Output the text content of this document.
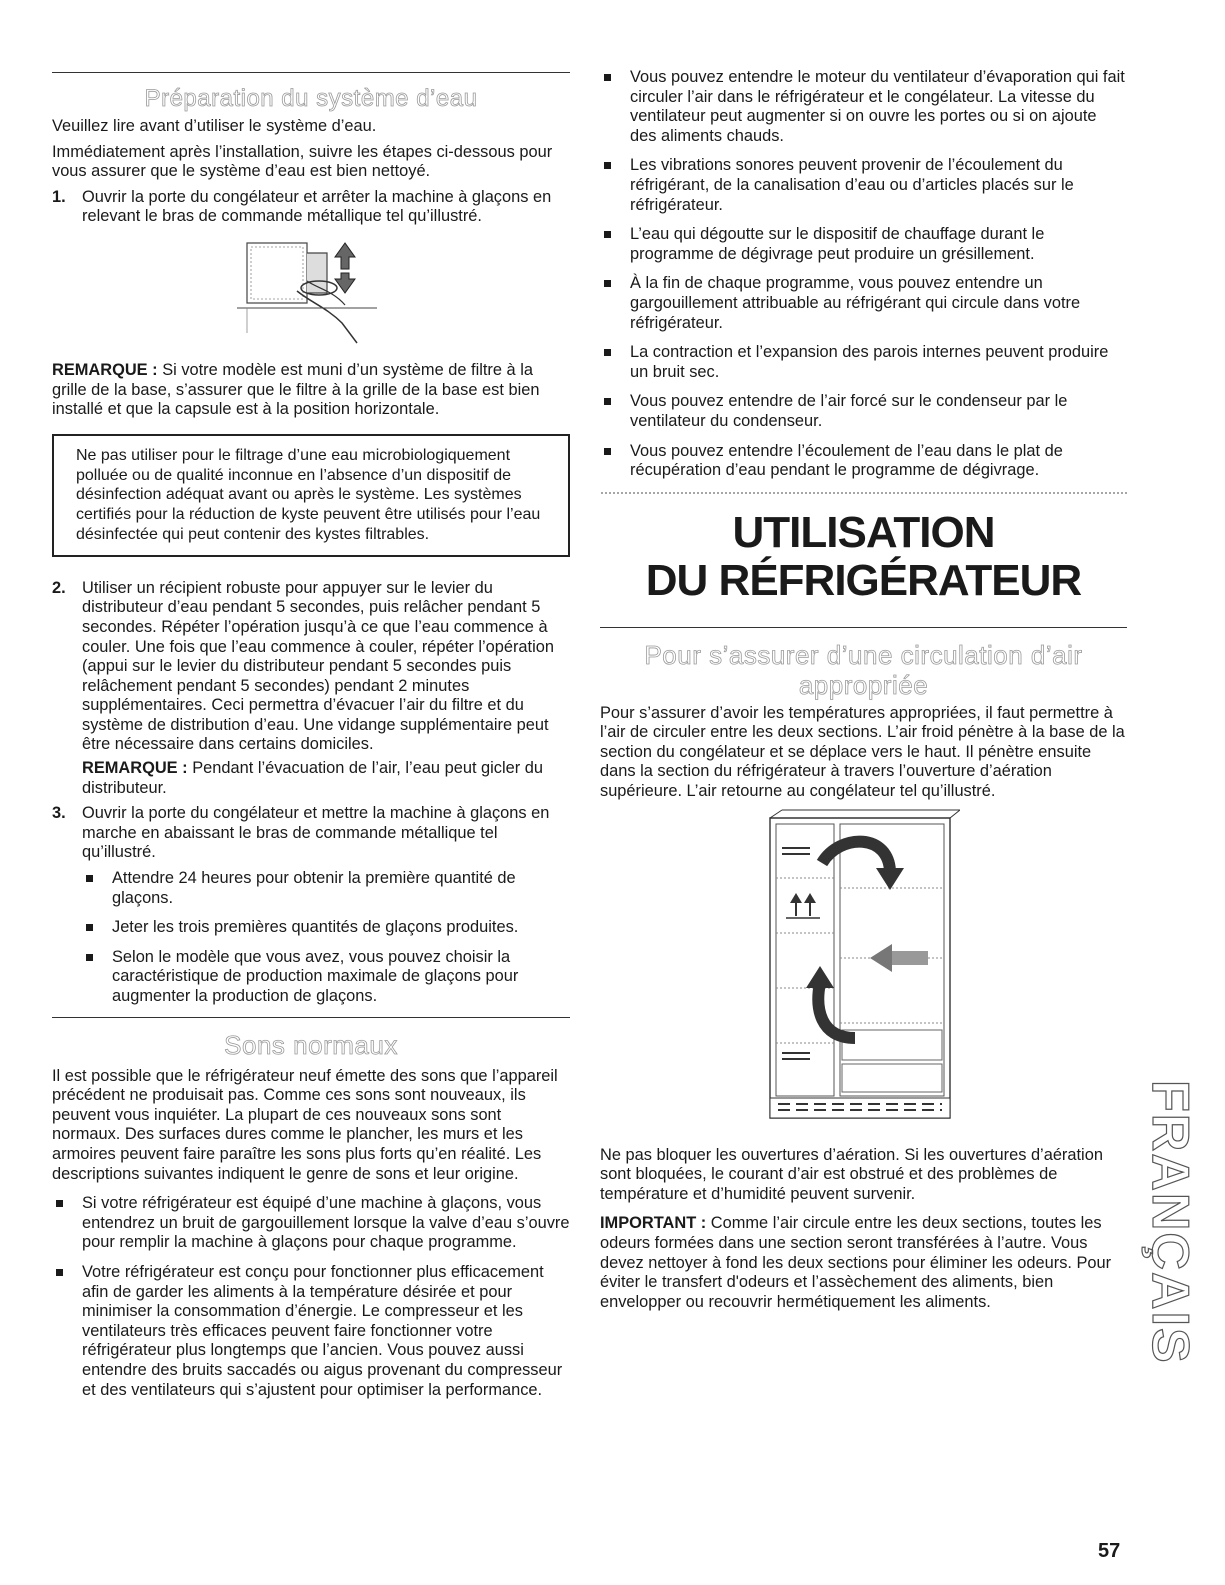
Préparation du système d’eau

Veuillez lire avant d’utiliser le système d’eau.

Immédiatement après l’installation, suivre les étapes ci-dessous pour vous assurer que le système d’eau est bien nettoyé.

1. Ouvrir la porte du congélateur et arrêter la machine à glaçons en relevant le bras de commande métallique tel qu’illustré.

REMARQUE : Si votre modèle est muni d’un système de filtre à la grille de la base, s’assurer que le filtre à la grille de la base est bien installé et que la capsule est à la position horizontale.

Ne pas utiliser pour le filtrage d’une eau microbiologiquement polluée ou de qualité inconnue en l’absence d’un dispositif de désinfection adéquat avant ou après le système. Les systèmes certifiés pour la réduction de kyste peuvent être utilisés pour l’eau désinfectée qui peut contenir des kystes filtrables.

2. Utiliser un récipient robuste pour appuyer sur le levier du distributeur d’eau pendant 5 secondes, puis relâcher pendant 5 secondes. Répéter l’opération jusqu’à ce que l’eau commence à couler. Une fois que l’eau commence à couler, répéter l’opération (appui sur le levier du distributeur pendant 5 secondes puis relâchement pendant 5 secondes) pendant 2 minutes supplémentaires. Ceci permettra d’évacuer l’air du filtre et du système de distribution d’eau. Une vidange supplémentaire peut être nécessaire dans certains domiciles.
REMARQUE : Pendant l’évacuation de l’air, l’eau peut gicler du distributeur.
3. Ouvrir la porte du congélateur et mettre la machine à glaçons en marche en abaissant le bras de commande métallique tel qu’illustré.
Attendre 24 heures pour obtenir la première quantité de glaçons.
Jeter les trois premières quantités de glaçons produites.
Selon le modèle que vous avez, vous pouvez choisir la caractéristique de production maximale de glaçons pour augmenter la production de glaçons.
Sons normaux

Il est possible que le réfrigérateur neuf émette des sons que l’appareil précédent ne produisait pas. Comme ces sons sont nouveaux, ils peuvent vous inquiéter. La plupart de ces nouveaux sons sont normaux. Des surfaces dures comme le plancher, les murs et les armoires peuvent faire paraître les sons plus forts qu’en réalité. Les descriptions suivantes indiquent le genre de sons et leur origine.

Si votre réfrigérateur est équipé d’une machine à glaçons, vous entendrez un bruit de gargouillement lorsque la valve d’eau s’ouvre pour remplir la machine à glaçons pour chaque programme.
Votre réfrigérateur est conçu pour fonctionner plus efficacement afin de garder les aliments à la température désirée et pour minimiser la consommation d’énergie. Le compresseur et les ventilateurs très efficaces peuvent faire fonctionner votre réfrigérateur plus longtemps que l’ancien. Vous pouvez aussi entendre des bruits saccadés ou aigus provenant du compresseur et des ventilateurs qui s’ajustent pour optimiser la performance.
Vous pouvez entendre le moteur du ventilateur d’évaporation qui fait circuler l’air dans le réfrigérateur et le congélateur. La vitesse du ventilateur peut augmenter si on ouvre les portes ou si on ajoute des aliments chauds.
Les vibrations sonores peuvent provenir de l’écoulement du réfrigérant, de la canalisation d’eau ou d’articles placés sur le réfrigérateur.
L’eau qui dégoutte sur le dispositif de chauffage durant le programme de dégivrage peut produire un grésillement.
À la fin de chaque programme, vous pouvez entendre un gargouillement attribuable au réfrigérant qui circule dans votre réfrigérateur.
La contraction et l’expansion des parois internes peuvent produire un bruit sec.
Vous pouvez entendre de l’air forcé sur le condenseur par le ventilateur du condenseur.
Vous pouvez entendre l’écoulement de l’eau dans le plat de récupération d’eau pendant le programme de dégivrage.
UTILISATION
DU RÉFRIGÉRATEUR
Pour s’assurer d’une circulation d’air
appropriée

Pour s’assurer d’avoir les températures appropriées, il faut permettre à l’air de circuler entre les deux sections. L’air froid pénètre à la base de la section du congélateur et se déplace vers le haut. Il pénètre ensuite dans la section du réfrigérateur à travers l’ouverture d’aération supérieure. L’air retourne au congélateur tel qu’illustré.

Ne pas bloquer les ouvertures d’aération. Si les ouvertures d’aération sont bloquées, le courant d’air est obstrué et des problèmes de température et d’humidité peuvent survenir.

IMPORTANT : Comme l’air circule entre les deux sections, toutes les odeurs formées dans une section seront transférées à l’autre. Vous devez nettoyer à fond les deux sections pour éliminer les odeurs. Pour éviter le transfert d'odeurs et l’assèchement des aliments, bien envelopper ou recouvrir hermétiquement les aliments.	FRANÇAIS
57
